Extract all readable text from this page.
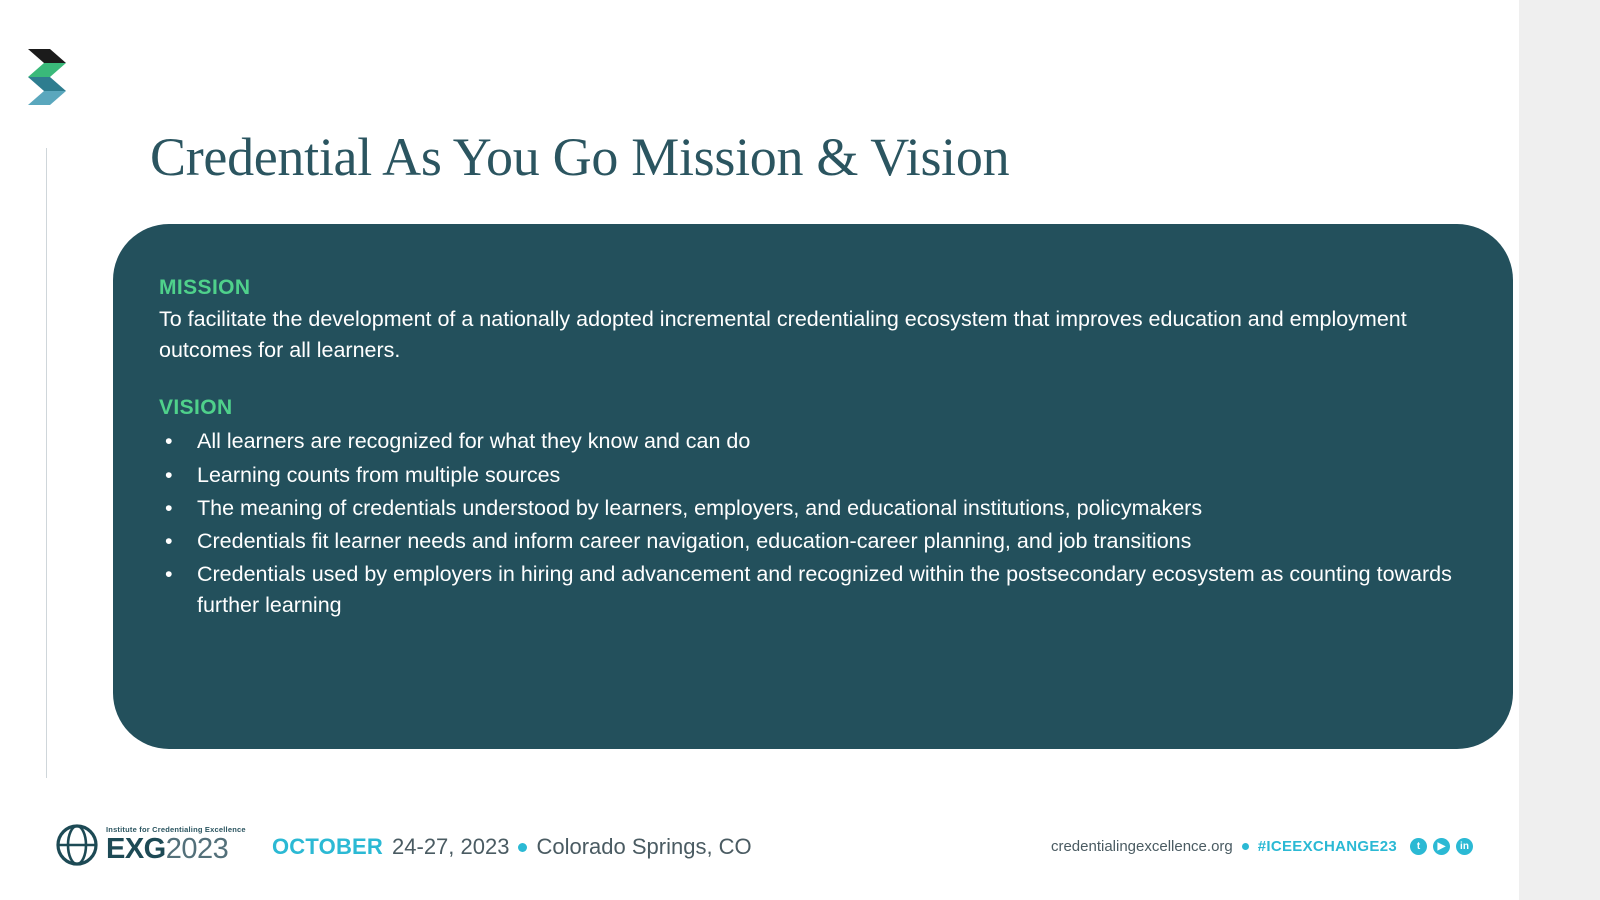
Credential As You Go Mission & Vision
MISSION

To facilitate the development of a nationally adopted incremental credentialing ecosystem that improves education and employment outcomes for all learners.

VISION
• All learners are recognized for what they know and can do
• Learning counts from multiple sources
• The meaning of credentials understood by learners, employers, and educational institutions, policymakers
• Credentials fit learner needs and inform career navigation, education-career planning, and job transitions
• Credentials used by employers in hiring and advancement and recognized within the postsecondary ecosystem as counting towards further learning
Institute for Credentialing Excellence
EXG2023	OCTOBER 24-27, 2023 Colorado Springs, CO	credentialingexcellence.org #ICEEXCHANGE23	t	▶	in
